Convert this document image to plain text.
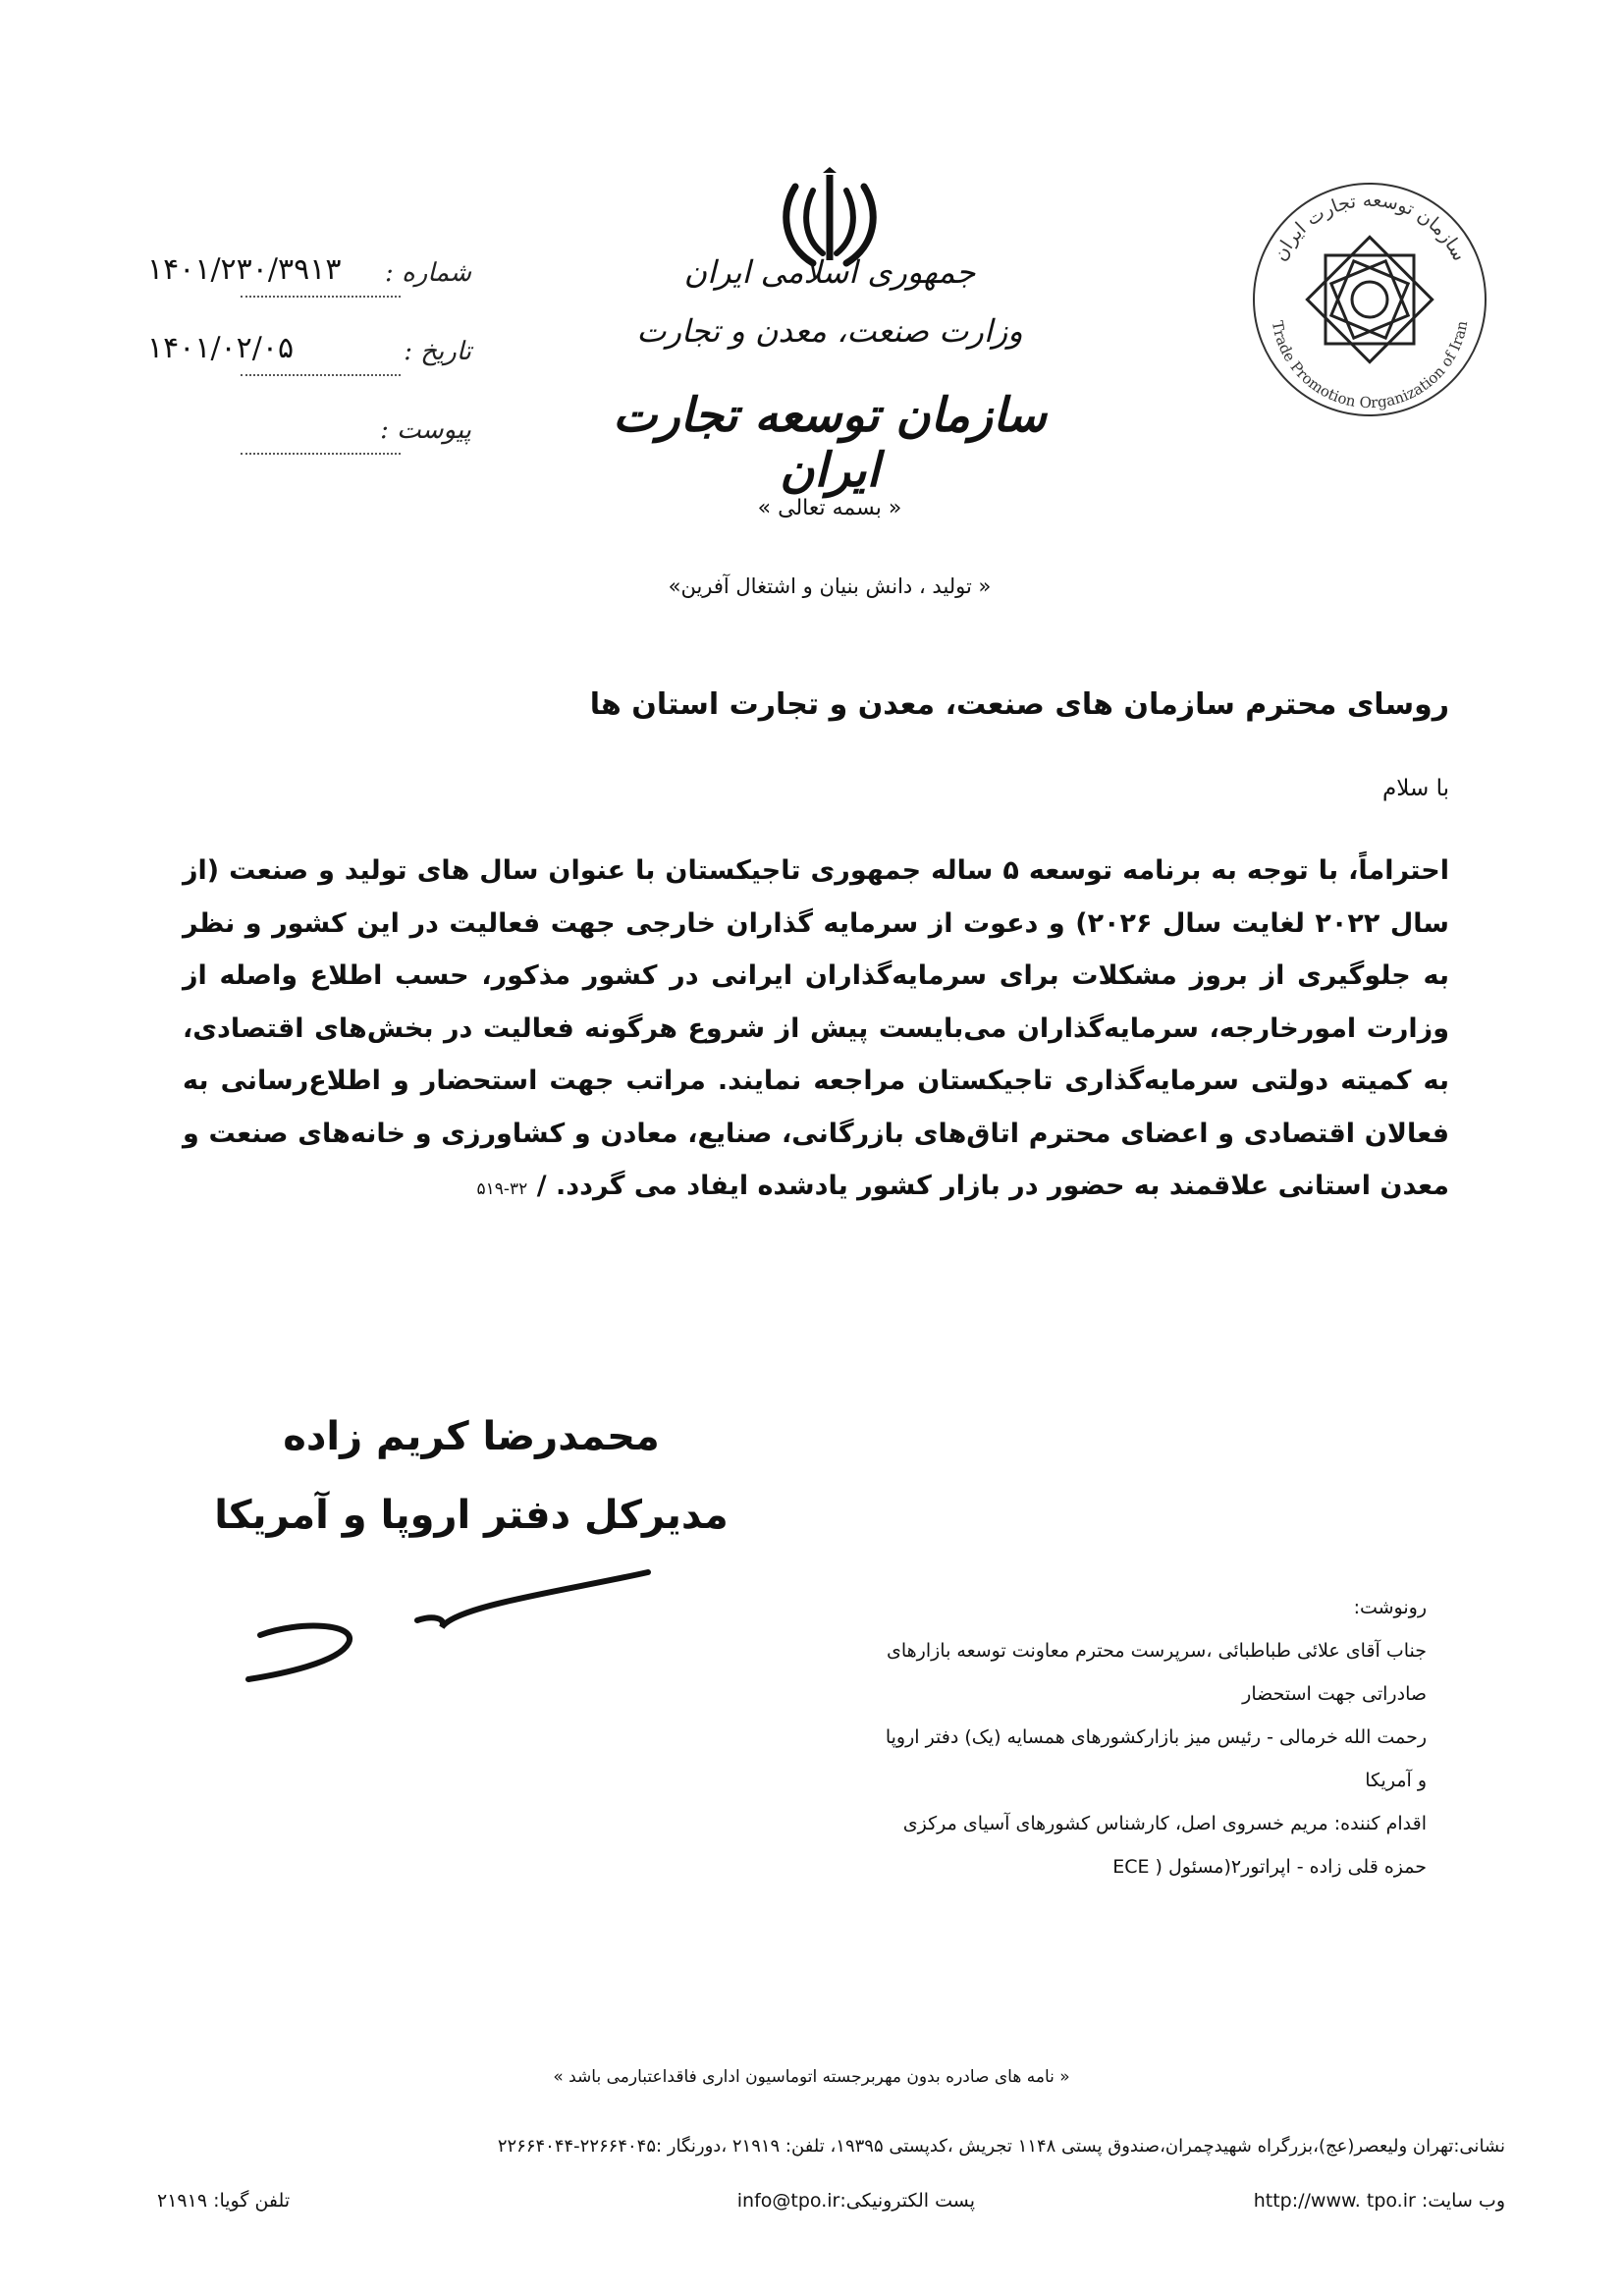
شماره :
۱۴۰۱/۲۳۰/۳۹۱۳
تاریخ :
۱۴۰۱/۰۲/۰۵
پیوست :
جمهوری اسلامی ایران
وزارت صنعت، معدن و تجارت
سازمان توسعه تجارت ایران
سازمان توسعه تجارت ایران
Trade Promotion Organization of Iran
« بسمه تعالی »
« تولید ، دانش بنیان و اشتغال آفرین»
روسای محترم سازمان های صنعت، معدن و تجارت استان ها
با سلام
احتراماً، با توجه به برنامه توسعه ۵ ساله جمهوری تاجیکستان با عنوان سال های تولید و صنعت (از سال ۲۰۲۲ لغایت سال ۲۰۲۶) و دعوت از سرمایه گذاران خارجی جهت فعالیت در این کشور و نظر به جلوگیری از بروز مشکلات برای سرمایه‌گذاران ایرانی در کشور مذکور، حسب اطلاع واصله از وزارت امورخارجه، سرمایه‌گذاران می‌بایست پیش از شروع هرگونه فعالیت در بخش‌های اقتصادی، به کمیته دولتی سرمایه‌گذاری تاجیکستان مراجعه نمایند. مراتب جهت استحضار و اطلاع‌رسانی به فعالان اقتصادی و اعضای محترم اتاق‌های بازرگانی، صنایع، معادن و کشاورزی و خانه‌های صنعت و معدن استانی علاقمند به حضور در بازار کشور یادشده ایفاد می گردد. / ۳۲-۵۱۹
محمدرضا کریم زاده
مدیرکل دفتر اروپا و آمریکا
رونوشت:
جناب آقای علائی طباطبائی ،سرپرست محترم معاونت توسعه بازارهای
صادراتی جهت استحضار
رحمت الله خرمالی - رئیس میز بازارکشورهای همسایه (یک) دفتر اروپا
و آمریکا
اقدام کننده: مریم خسروی اصل، کارشناس کشورهای آسیای مرکزی
حمزه قلی زاده - اپراتور۲(مسئول ( ECE
« نامه های صادره بدون مهربرجسته اتوماسیون اداری فاقداعتبارمی باشد »
نشانی:تهران ولیعصر(عج)،بزرگراه شهیدچمران،صندوق پستی ۱۱۴۸ تجریش ،کدپستی ۱۹۳۹۵، تلفن: ۲۱۹۱۹ ،دورنگار :۲۲۶۶۴۰۴۵-۲۲۶۶۴۰۴۴
وب سایت: http://www. tpo.ir
پست الکترونیکی:info@tpo.ir
تلفن گویا: ۲۱۹۱۹
